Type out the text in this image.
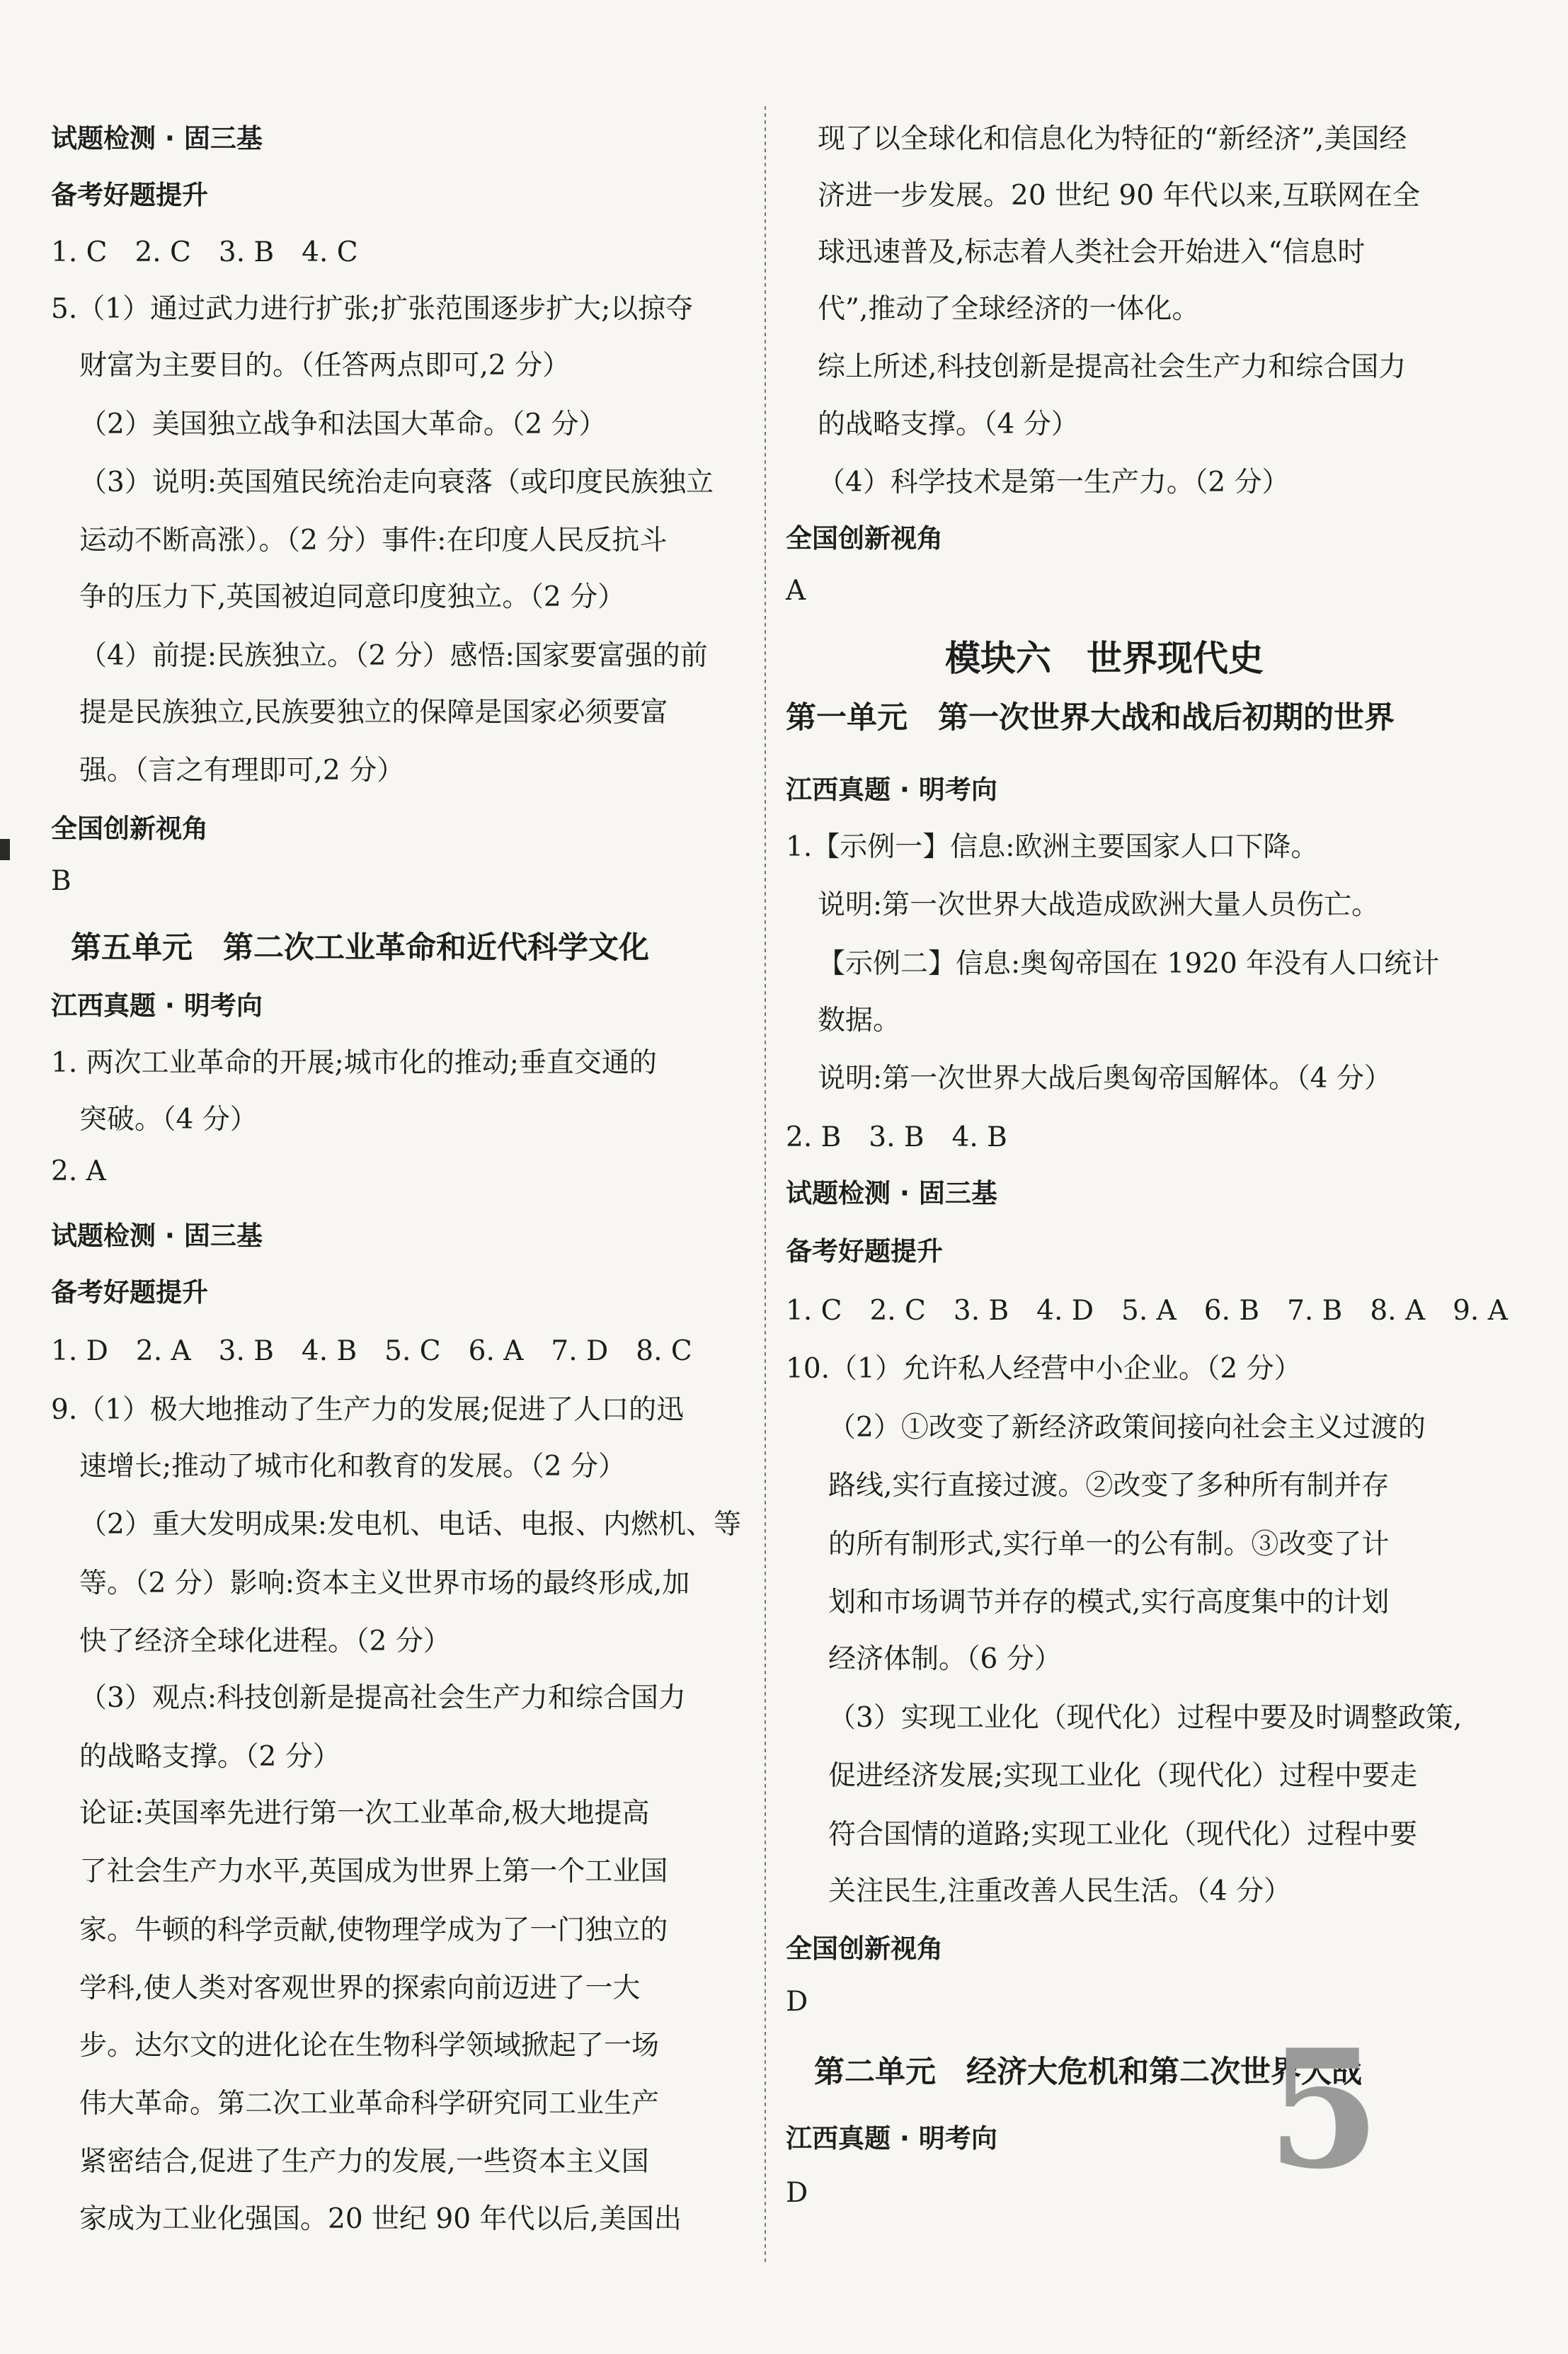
试题检测 · 固三基
备考好题提升
1. C　2. C　3. B　4. C
5.（1）通过武力进行扩张;扩张范围逐步扩大;以掠夺
财富为主要目的。（任答两点即可,2 分）
（2）美国独立战争和法国大革命。（2 分）
（3）说明:英国殖民统治走向衰落（或印度民族独立
运动不断高涨）。（2 分）事件:在印度人民反抗斗
争的压力下,英国被迫同意印度独立。（2 分）
（4）前提:民族独立。（2 分）感悟:国家要富强的前
提是民族独立,民族要独立的保障是国家必须要富
强。（言之有理即可,2 分）
全国创新视角
B
第五单元　第二次工业革命和近代科学文化
江西真题 · 明考向
1. 两次工业革命的开展;城市化的推动;垂直交通的
突破。（4 分）
2. A
试题检测 · 固三基
备考好题提升
1. D　2. A　3. B　4. B　5. C　6. A　7. D　8. C
9.（1）极大地推动了生产力的发展;促进了人口的迅
速增长;推动了城市化和教育的发展。（2 分）
（2）重大发明成果:发电机、电话、电报、内燃机、等
等。（2 分）影响:资本主义世界市场的最终形成,加
快了经济全球化进程。（2 分）
（3）观点:科技创新是提高社会生产力和综合国力
的战略支撑。（2 分）
论证:英国率先进行第一次工业革命,极大地提高
了社会生产力水平,英国成为世界上第一个工业国
家。牛顿的科学贡献,使物理学成为了一门独立的
学科,使人类对客观世界的探索向前迈进了一大
步。达尔文的进化论在生物科学领域掀起了一场
伟大革命。第二次工业革命科学研究同工业生产
紧密结合,促进了生产力的发展,一些资本主义国
家成为工业化强国。20 世纪 90 年代以后,美国出
现了以全球化和信息化为特征的“新经济”,美国经
济进一步发展。20 世纪 90 年代以来,互联网在全
球迅速普及,标志着人类社会开始进入“信息时
代”,推动了全球经济的一体化。
综上所述,科技创新是提高社会生产力和综合国力
的战略支撑。（4 分）
（4）科学技术是第一生产力。（2 分）
全国创新视角
A
模块六　世界现代史
第一单元　第一次世界大战和战后初期的世界
江西真题 · 明考向
1.【示例一】信息:欧洲主要国家人口下降。
说明:第一次世界大战造成欧洲大量人员伤亡。
【示例二】信息:奥匈帝国在 1920 年没有人口统计
数据。
说明:第一次世界大战后奥匈帝国解体。（4 分）
2. B　3. B　4. B
试题检测 · 固三基
备考好题提升
1. C　2. C　3. B　4. D　5. A　6. B　7. B　8. A　9. A
10.（1）允许私人经营中小企业。（2 分）
（2）①改变了新经济政策间接向社会主义过渡的
路线,实行直接过渡。②改变了多种所有制并存
的所有制形式,实行单一的公有制。③改变了计
划和市场调节并存的模式,实行高度集中的计划
经济体制。（6 分）
（3）实现工业化（现代化）过程中要及时调整政策,
促进经济发展;实现工业化（现代化）过程中要走
符合国情的道路;实现工业化（现代化）过程中要
关注民生,注重改善人民生活。（4 分）
全国创新视角
D
第二单元　经济大危机和第二次世界大战
江西真题 · 明考向
D	5
